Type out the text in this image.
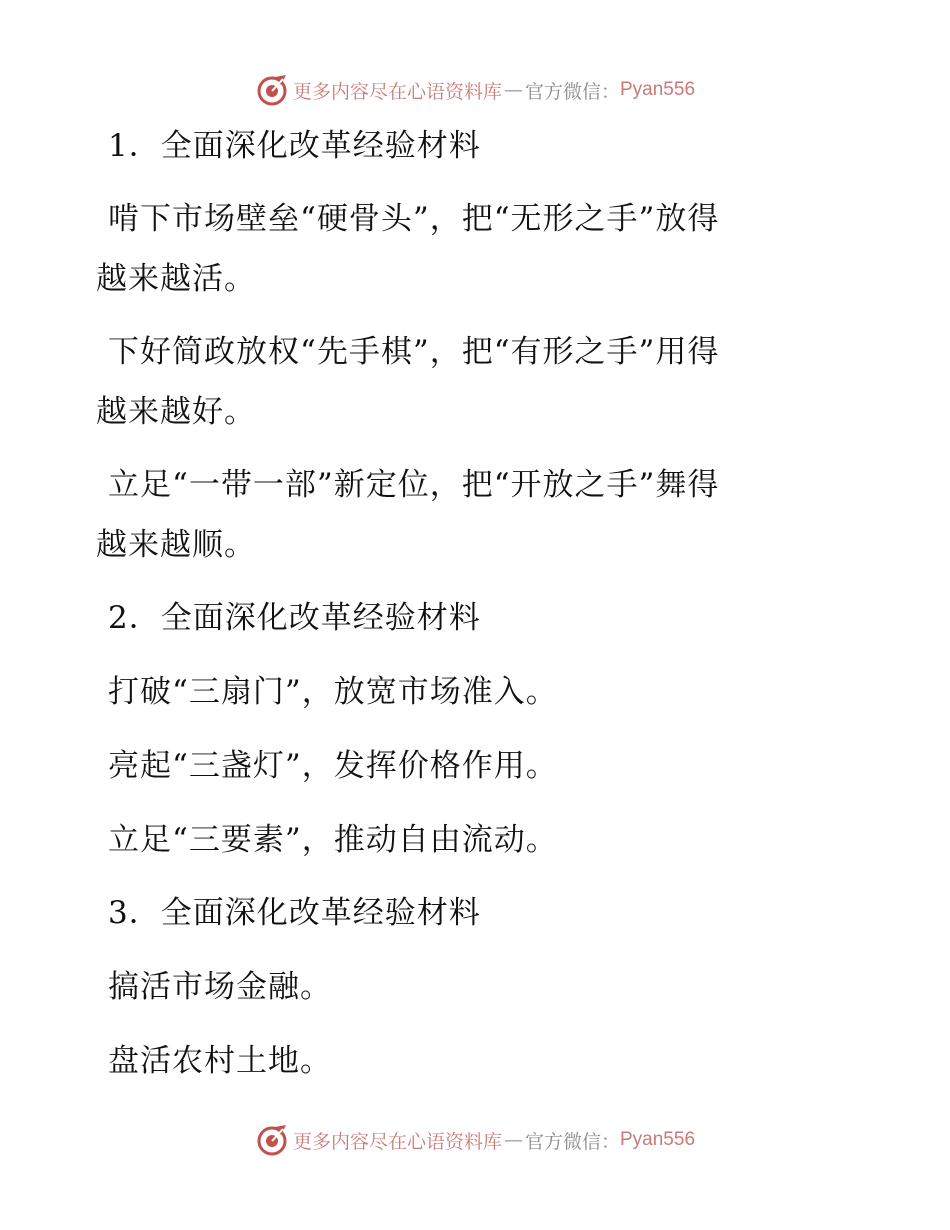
更多内容尽在心语资料库 — 官方微信： Pyan556
1．全面深化改革经验材料
啃下市场壁垒“硬骨头”，把“无形之手”放得
越来越活。
下好简政放权“先手棋”，把“有形之手”用得
越来越好。
立足“一带一部”新定位，把“开放之手”舞得
越来越顺。
2．全面深化改革经验材料
打破“三扇门”，放宽市场准入。
亮起“三盏灯”，发挥价格作用。
立足“三要素”，推动自由流动。
3．全面深化改革经验材料
搞活市场金融。
盘活农村土地。
更多内容尽在心语资料库 — 官方微信： Pyan556
